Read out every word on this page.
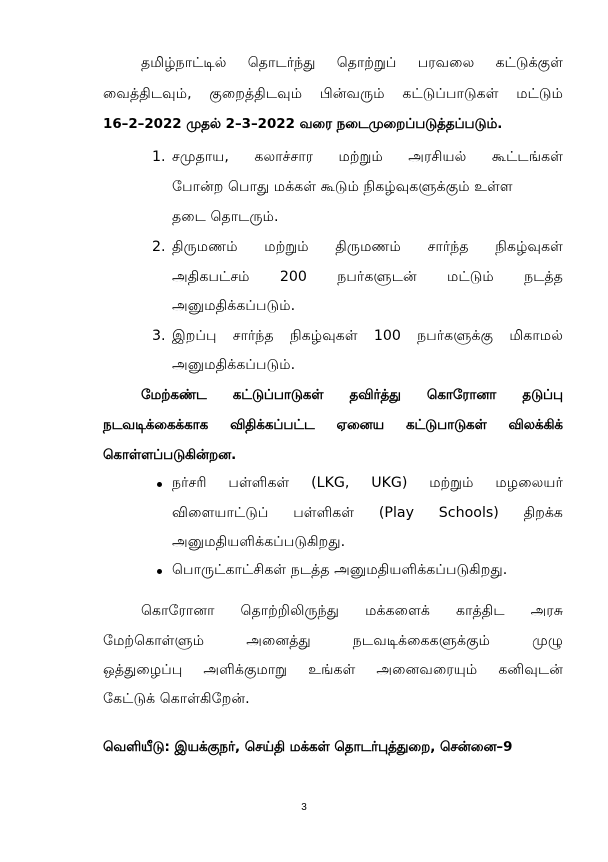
தமிழ்நாட்டில் தொடர்ந்து தொற்றுப் பரவலை கட்டுக்குள்
வைத்திடவும், குறைத்திடவும் பின்வரும் கட்டுப்பாடுகள் மட்டும்
16–2–2022 முதல் 2–3–2022 வரை நடைமுறைப்படுத்தப்படும்.
1. சமுதாய, கலாச்சார மற்றும் அரசியல் கூட்டங்கள்
போன்ற பொது மக்கள் கூடும் நிகழ்வுகளுக்கும் உள்ள
தடை தொடரும்.
2. திருமணம் மற்றும் திருமணம் சார்ந்த நிகழ்வுகள்
அதிகபட்சம் 200 நபர்களுடன் மட்டும் நடத்த
அனுமதிக்கப்படும்.
3. இறப்பு சார்ந்த நிகழ்வுகள் 100 நபர்களுக்கு மிகாமல்
அனுமதிக்கப்படும்.
மேற்கண்ட கட்டுப்பாடுகள் தவிர்த்து கொரோனா தடுப்பு
நடவடிக்கைக்காக விதிக்கப்பட்ட ஏனைய கட்டுபாடுகள் விலக்கிக்
கொள்ளப்படுகின்றன.
நர்சரி பள்ளிகள் (LKG, UKG) மற்றும் மழலையர்
விளையாட்டுப் பள்ளிகள் (Play Schools) திறக்க
அனுமதியளிக்கப்படுகிறது.
பொருட்காட்சிகள் நடத்த அனுமதியளிக்கப்படுகிறது.
கொரோனா தொற்றிலிருந்து மக்களைக் காத்திட அரசு
மேற்கொள்ளும் அனைத்து நடவடிக்கைகளுக்கும் முழு
ஒத்துழைப்பு அளிக்குமாறு உங்கள் அனைவரையும் கனிவுடன்
கேட்டுக் கொள்கிறேன்.
வெளியீடு: இயக்குநர், செய்தி மக்கள் தொடர்புத்துறை, சென்னை–9
3
